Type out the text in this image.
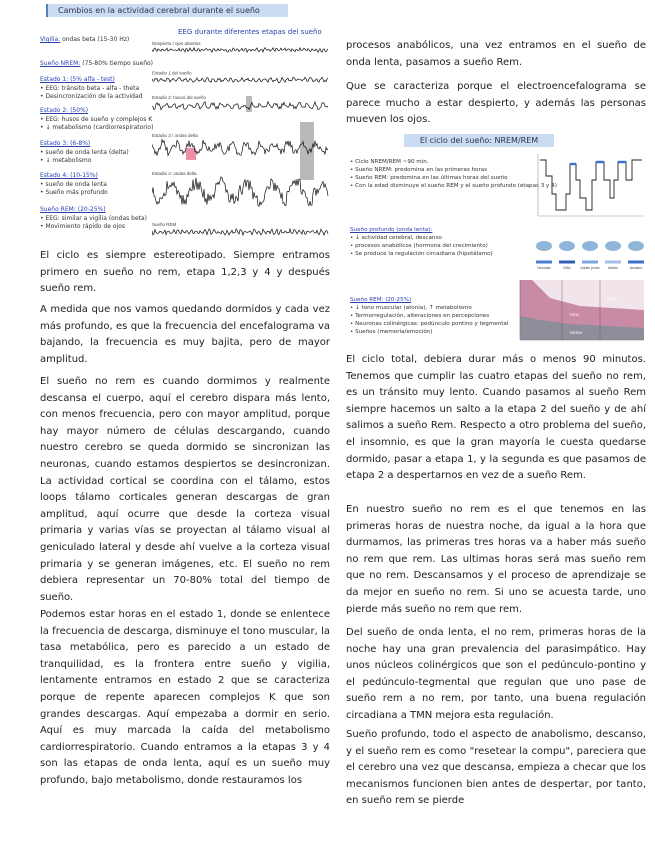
Cambios en la actividad cerebral durante el sueño
EEG durante diferentes etapas del sueño
Vigilia: ondas beta (15-30 Hz)
Sueño NREM: (75-80% tiempo sueño)
Estado 1: (5% alfa - test)
• EEG: tránsito beta - alfa - theta
• Desincronización de la actividad
Estado 2: (50%)
• EEG: husos de sueño y complejos K
• ↓ metabolismo (cardiorrespiratorio)
Estado 3: (6-8%)
• sueño de onda lenta (delta)
• ↓ metabolismo
Estado 4: (10-15%)
• sueño de onda lenta
• Sueño más profundo
Sueño REM: (20-25%)
• EEG: similar a vigilia (ondas beta)
• Movimiento rápido de ojos
Despierto / ojos abiertos
Estadio 1 del sueño
Estadio 2: husos del sueño
Estadio 3 / ondas delta
Estadio 4: ondas delta
Sueño REM
El ciclo del sueño: NREM/REM
• Ciclo NREM/REM ~90 min.
• Sueño NREM: predomina en las primeras horas
• Sueño REM: predomina en las últimas horas del sueño
• Con la edad disminuye el sueño REM y el sueño profundo (etapas 3 y 4)
Sueño profundo (onda lenta):
• ↓ actividad cerebral, descanso
• procesos anabólicos (hormona del crecimiento)
• Se produce la regulación circadiana (hipotálamo)
Sueño REM: (20-25%)
• ↓ tono muscular (atonía), ↑ metabolismo
• Termorregulación, alteraciones en percepciones
• Neuronas colinérgicas: pedúnculo pontino y tegmental
• Sueños (memoria/emoción)
Neonato	Niño	Adulto joven Adulto	Anciano
Vigilia
REM
NREM

El ciclo es siempre estereotipado. Siempre entramos primero en sueño no rem, etapa 1,2,3 y 4 y después sueño rem.

A medida que nos vamos quedando dormidos y cada vez más profundo, es que la frecuencia del encefalograma va bajando, la frecuencia es muy bajita, pero de mayor amplitud.

El sueño no rem es cuando dormimos y realmente descansa el cuerpo, aquí el cerebro dispara más lento, con menos frecuencia, pero con mayor amplitud, porque hay mayor número de células descargando, cuando nuestro cerebro se queda dormido se sincronizan las neuronas, cuando estamos despiertos se desincronizan. La actividad cortical se coordina con el tálamo, estos loops tálamo corticales generan descargas de gran amplitud, aquí ocurre que desde la corteza visual primaria y varias vías se proyectan al tálamo visual al geniculado lateral y desde ahí vuelve a la corteza visual primaria y se generan imágenes, etc. El sueño no rem debiera representar un 70-80% total del tiempo de sueño.

Podemos estar horas en el estado 1, donde se enlentece la frecuencia de descarga, disminuye el tono muscular, la tasa metabólica, pero es parecido a un estado de tranquilidad, es la frontera entre sueño y vigilia, lentamente entramos en estado 2 que se caracteriza porque de repente aparecen complejos K que son grandes descargas. Aquí empezaba a dormir en serio. Aquí es muy marcada la caída del metabolismo cardiorrespiratorio. Cuando entramos a la etapas 3 y 4 son las etapas de onda lenta, aquí es un sueño muy profundo, bajo metabolismo, donde restauramos los

procesos anabólicos, una vez entramos en el sueño de onda lenta, pasamos a sueño Rem.

Que se caracteriza porque el electroencefalograma se parece mucho a estar despierto, y además las personas mueven los ojos.

El ciclo total, debiera durar más o menos 90 minutos. Tenemos que cumplir las cuatro etapas del sueño no rem, es un tránsito muy lento. Cuando pasamos al sueño Rem siempre hacemos un salto a la etapa 2 del sueño y de ahí salimos a sueño Rem. Respecto a otro problema del sueño, el insomnio, es que la gran mayoría le cuesta quedarse dormido, pasar a etapa 1, y la segunda es que pasamos de etapa 2 a despertarnos en vez de a sueño Rem.

En nuestro sueño no rem es el que tenemos en las primeras horas de nuestra noche, da igual a la hora que durmamos, las primeras tres horas va a haber más sueño no rem que rem. Las ultimas horas será mas sueño rem que no rem. Descansamos y el proceso de aprendizaje se da mejor en sueño no rem. Si uno se acuesta tarde, uno pierde más sueño no rem que rem.

Del sueño de onda lenta, el no rem, primeras horas de la noche hay una gran prevalencia del parasimpático. Hay unos núcleos colinérgicos que son el pedúnculo-pontino y el pedúnculo-tegmental que regulan que uno pase de sueño rem a no rem, por tanto, una buena regulación circadiana a TMN mejora esta regulación.

Sueño profundo, todo el aspecto de anabolismo, descanso, y el sueño rem es como "resetear la compu", pareciera que el cerebro una vez que descansa, empieza a checar que los mecanismos funcionen bien antes de despertar, por tanto, en sueño rem se pierde
